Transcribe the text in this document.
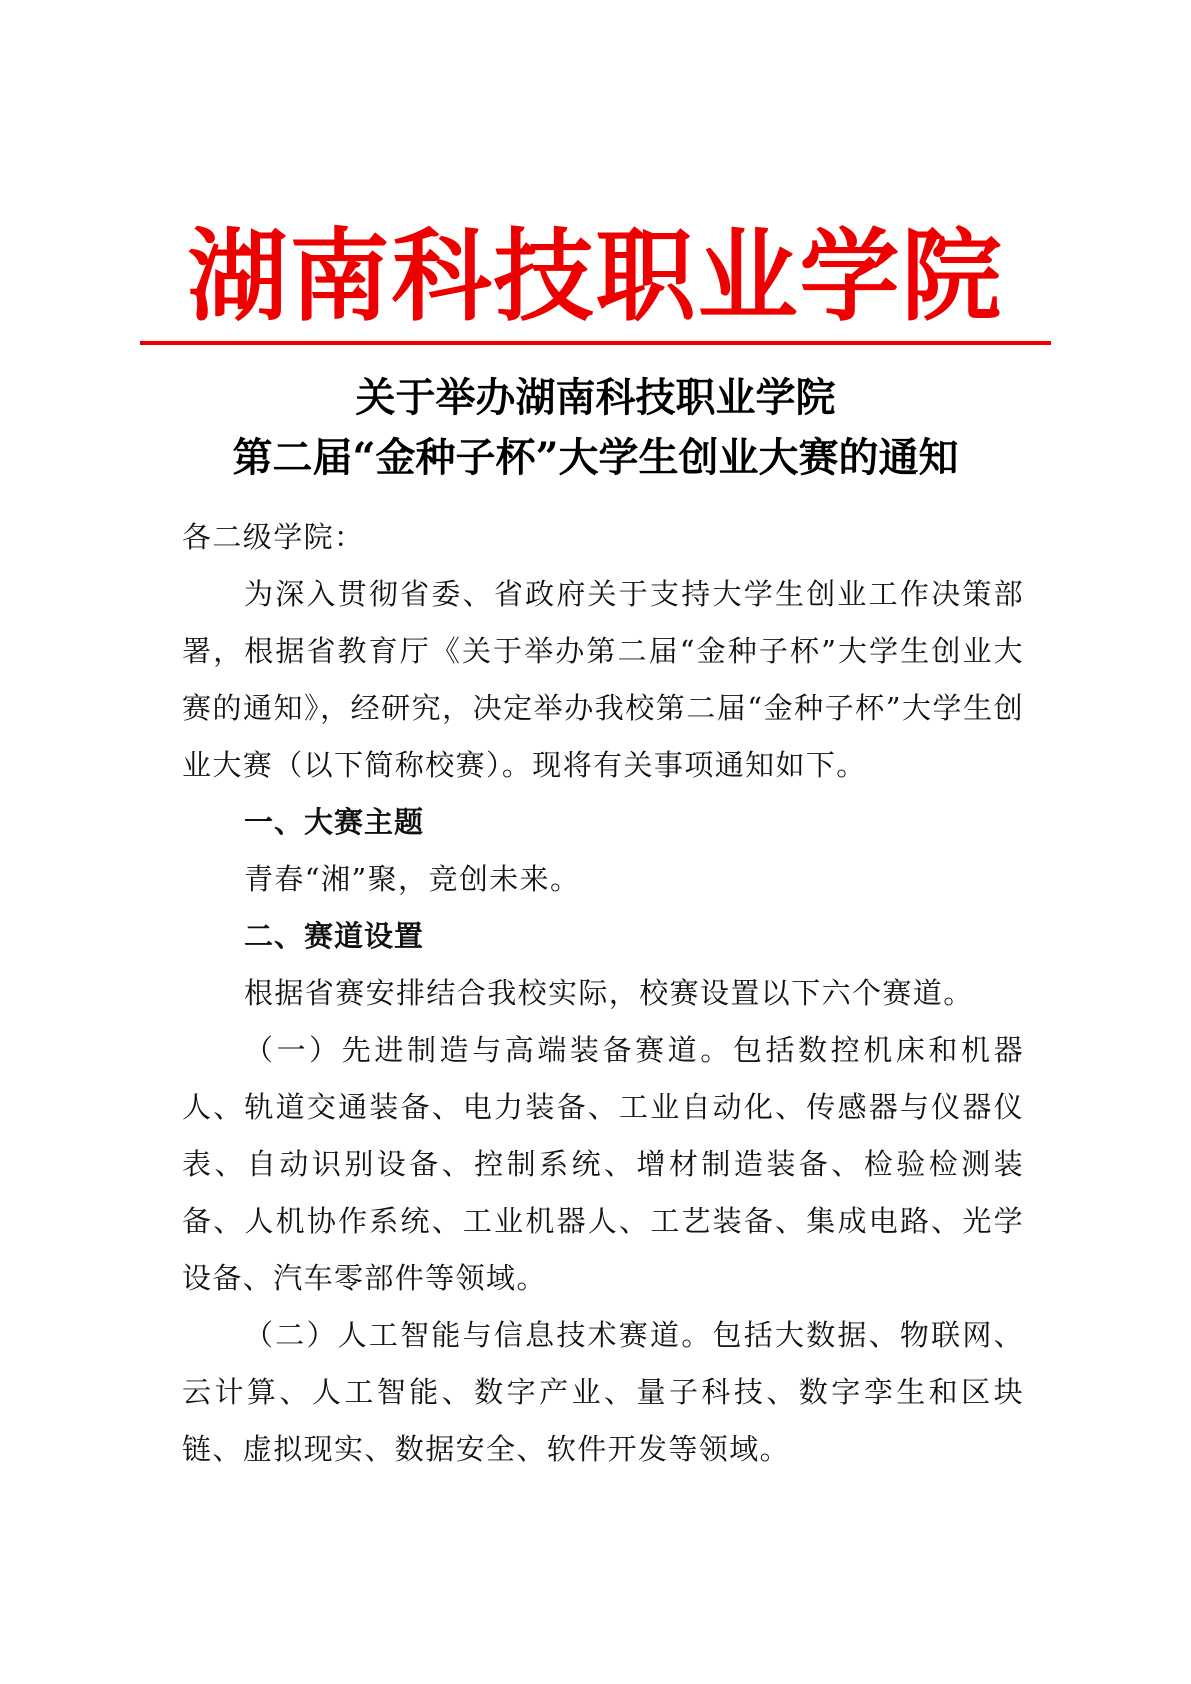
湖南科技职业学院
关于举办湖南科技职业学院
第二届“金种子杯”大学生创业大赛的通知

各二级学院：

为深入贯彻省委、省政府关于支持大学生创业工作决策部署，根据省教育厅《关于举办第二届“金种子杯”大学生创业大赛的通知》，经研究，决定举办我校第二届“金种子杯”大学生创业大赛（以下简称校赛）。现将有关事项通知如下。

一、大赛主题

青春“湘”聚，竞创未来。

二、赛道设置

根据省赛安排结合我校实际，校赛设置以下六个赛道。

（一）先进制造与高端装备赛道。包括数控机床和机器人、轨道交通装备、电力装备、工业自动化、传感器与仪器仪表、自动识别设备、控制系统、增材制造装备、检验检测装备、人机协作系统、工业机器人、工艺装备、集成电路、光学设备、汽车零部件等领域。

（二）人工智能与信息技术赛道。包括大数据、物联网、云计算、人工智能、数字产业、量子科技、数字孪生和区块链、虚拟现实、数据安全、软件开发等领域。
